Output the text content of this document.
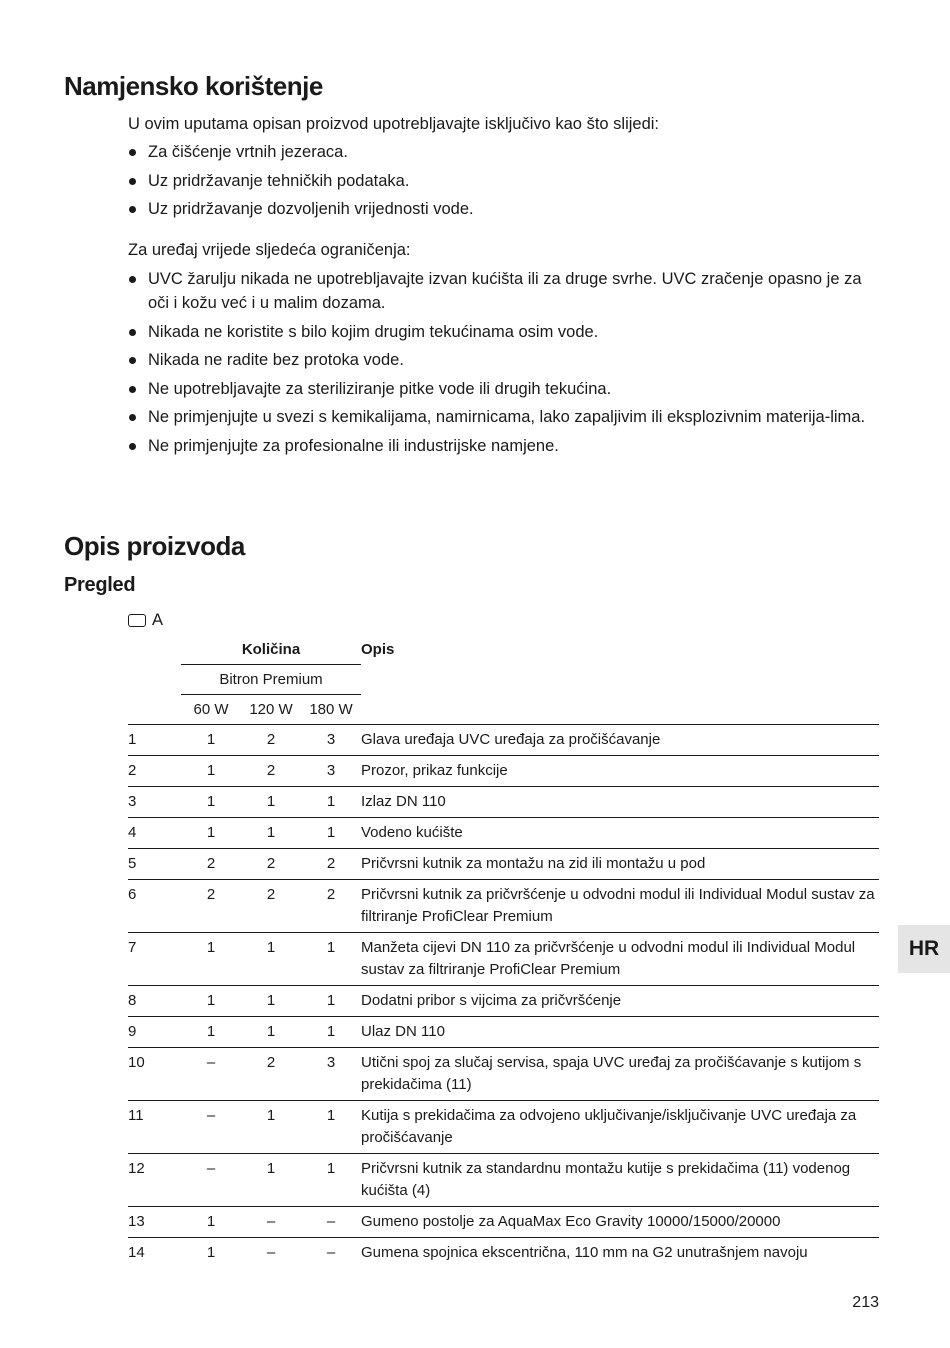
Namjensko korištenje

U ovim uputama opisan proizvod upotrebljavajte isključivo kao što slijedi:

Za čišćenje vrtnih jezeraca.
Uz pridržavanje tehničkih podataka.
Uz pridržavanje dozvoljenih vrijednosti vode.

Za uređaj vrijede sljedeća ograničenja:

UVC žarulju nikada ne upotrebljavajte izvan kućišta ili za druge svrhe. UVC zračenje opasno je za oči i kožu već i u malim dozama.
Nikada ne koristite s bilo kojim drugim tekućinama osim vode.
Nikada ne radite bez protoka vode.
Ne upotrebljavajte za steriliziranje pitke vode ili drugih tekućina.
Ne primjenjujte u svezi s kemikalijama, namirnicama, lako zapaljivim ili eksplozivnim materija-lima.
Ne primjenjujte za profesionalne ili industrijske namjene.
Opis proizvoda
Pregled
A
Količina	Opis
Bitron Premium
60 W	120 W	180 W
1	1	2	3	Glava uređaja UVC uređaja za pročišćavanje
2	1	2	3	Prozor, prikaz funkcije
3	1	1	1	Izlaz DN 110
4	1	1	1	Vodeno kućište
5	2	2	2	Pričvrsni kutnik za montažu na zid ili montažu u pod
6	2	2	2	Pričvrsni kutnik za pričvršćenje u odvodni modul ili Individual Modul sustav za filtriranje ProfiClear Premium
7	1	1	1	Manžeta cijevi DN 110 za pričvršćenje u odvodni modul ili Individual Modul sustav za filtriranje ProfiClear Premium
8	1	1	1	Dodatni pribor s vijcima za pričvršćenje
9	1	1	1	Ulaz DN 110
10	–	2	3	Utični spoj za slučaj servisa, spaja UVC uređaj za pročišćavanje s kutijom s prekidačima (11)
11	–	1	1	Kutija s prekidačima za odvojeno uključivanje/isključivanje UVC uređaja za pročišćavanje
12	–	1	1	Pričvrsni kutnik za standardnu montažu kutije s prekidačima (11) vodenog kućišta (4)
13	1	–	–	Gumeno postolje za AquaMax Eco Gravity 10000/15000/20000
14	1	–	–	Gumena spojnica ekscentrična, 110 mm na G2 unutrašnjem navoju
HR
213
